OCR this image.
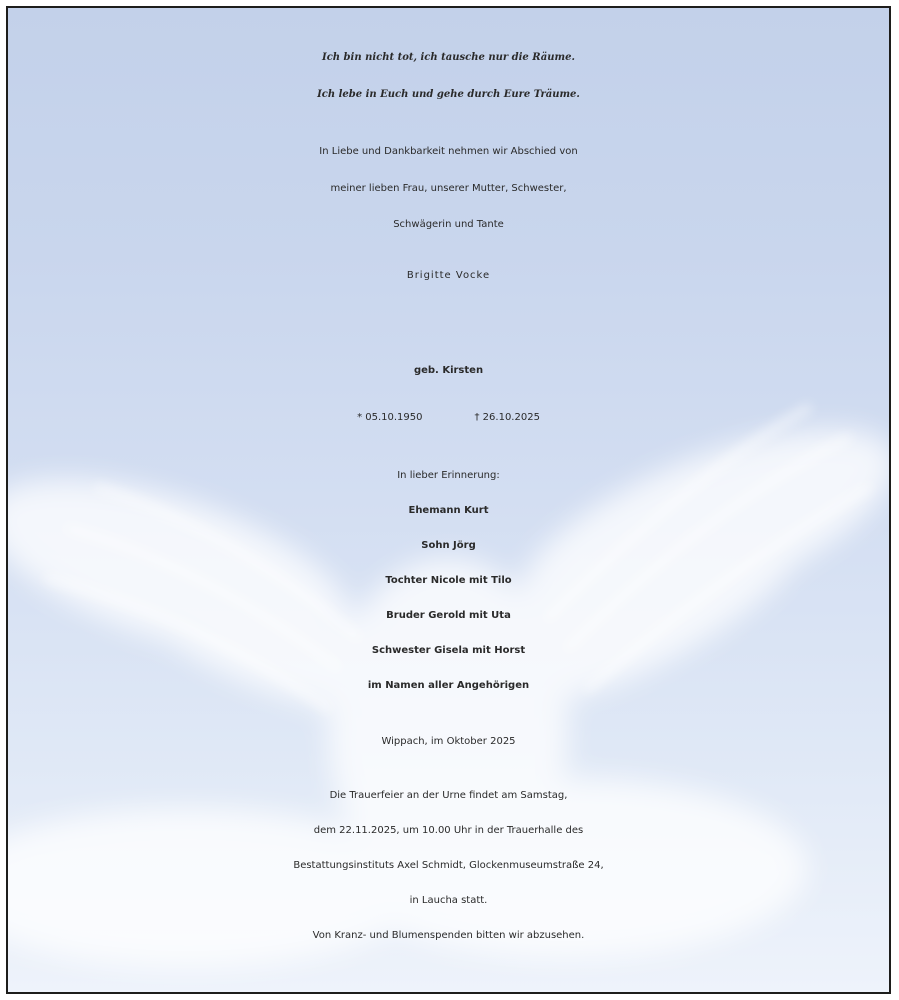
Ich bin nicht tot, ich tausche nur die Räume.
Ich lebe in Euch und gehe durch Eure Träume.
In Liebe und Dankbarkeit nehmen wir Abschied von
meiner lieben Frau, unserer Mutter, Schwester,
Schwägerin und Tante
Brigitte Vocke
geb. Kirsten
* 05.10.1950	† 26.10.2025
In lieber Erinnerung:
Ehemann Kurt
Sohn Jörg
Tochter Nicole mit Tilo
Bruder Gerold mit Uta
Schwester Gisela mit Horst
im Namen aller Angehörigen
Wippach, im Oktober 2025
Die Trauerfeier an der Urne findet am Samstag,
dem 22.11.2025, um 10.00 Uhr in der Trauerhalle des
Bestattungsinstituts Axel Schmidt, Glockenmuseumstraße 24,
in Laucha statt.
Von Kranz- und Blumenspenden bitten wir abzusehen.
